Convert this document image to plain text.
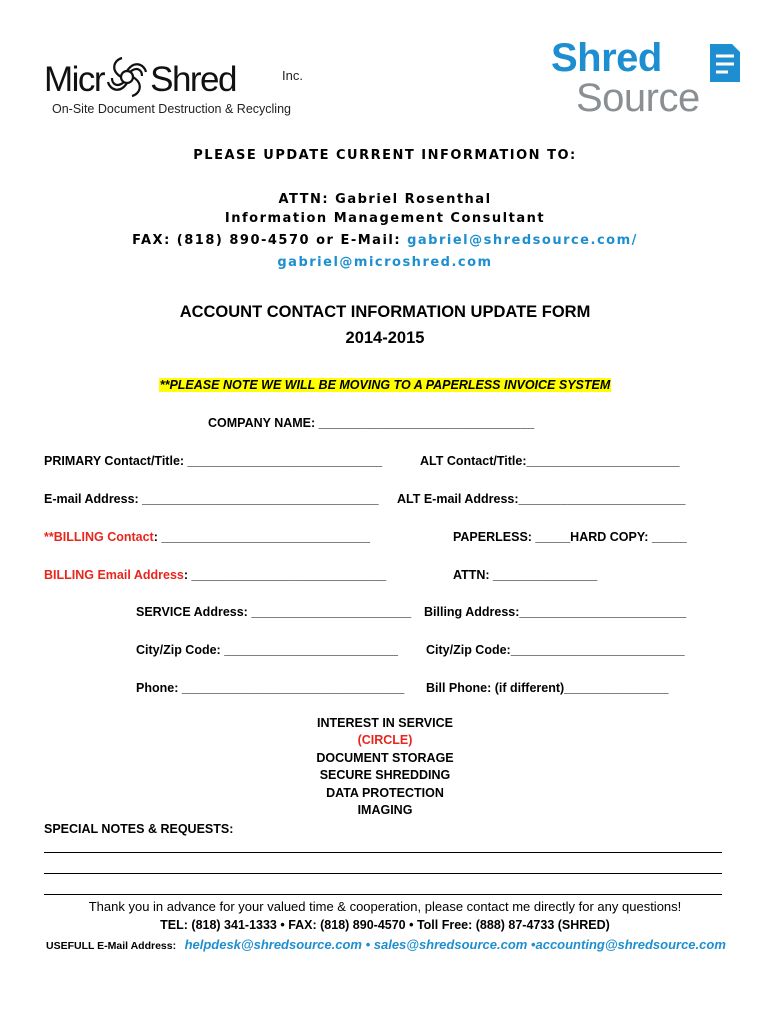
Micr Shred	Inc.
On-Site Document Destruction & Recycling
Shred
Source
PLEASE UPDATE CURRENT INFORMATION TO:
ATTN: Gabriel Rosenthal
Information Management Consultant
FAX: (818) 890-4570 or E-Mail: gabriel@shredsource.com/
gabriel@microshred.com
ACCOUNT CONTACT INFORMATION UPDATE FORM
2014-2015
**PLEASE NOTE WE WILL BE MOVING TO A PAPERLESS INVOICE SYSTEM
COMPANY NAME: _______________________________
PRIMARY Contact/Title: ____________________________	ALT Contact/Title:______________________
E-mail Address: __________________________________ ALT E-mail Address:________________________
**BILLING Contact: ______________________________	PAPERLESS: _____HARD COPY: _____
BILLING Email Address: ____________________________	ATTN: _______________
SERVICE Address: _______________________ Billing Address:________________________
City/Zip Code: _________________________ City/Zip Code:_________________________
Phone: ________________________________ Bill Phone: (if different)_______________
INTEREST IN SERVICE
(CIRCLE)
DOCUMENT STORAGE
SECURE SHREDDING
DATA PROTECTION
IMAGING
SPECIAL NOTES & REQUESTS:
Thank you in advance for your valued time & cooperation, please contact me directly for any questions!
TEL: (818) 341-1333 • FAX: (818) 890-4570 • Toll Free: (888) 87-4733 (SHRED)
USEFULL E-Mail Address: helpdesk@shredsource.com • sales@shredsource.com •accounting@shredsource.com
